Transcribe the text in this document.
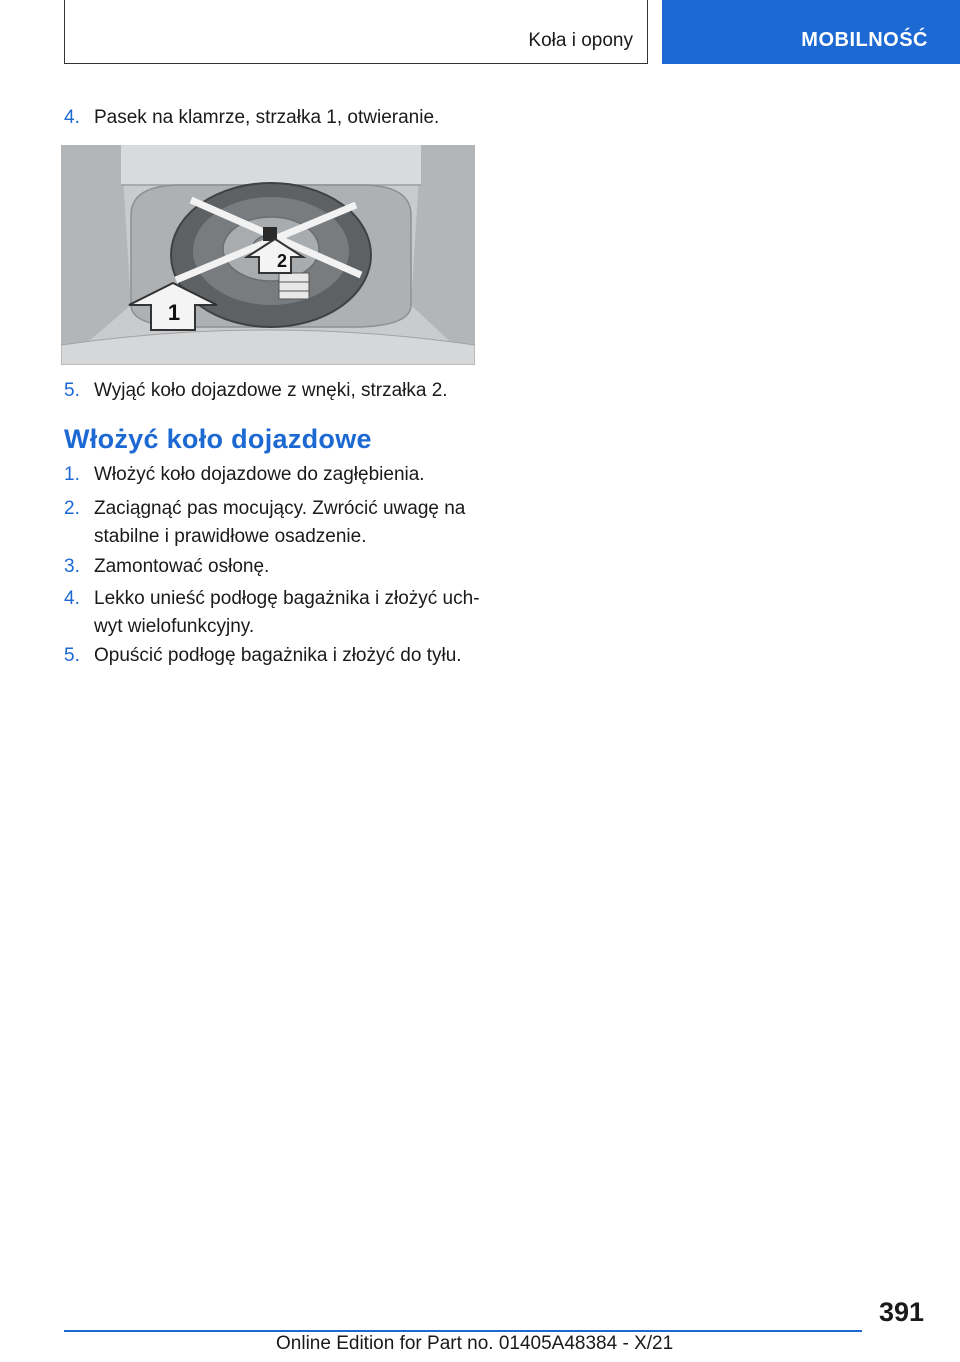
Koła i opony	MOBILNOŚĆ
4. Pasek na klamrze, strzałka 1, otwieranie.
1
2
5. Wyjąć koło dojazdowe z wnęki, strzałka 2.
Włożyć koło dojazdowe
1. Włożyć koło dojazdowe do zagłębienia.
2. Zaciągnąć pas mocujący. Zwrócić uwagę na stabilne i prawidłowe osadzenie.
3. Zamontować osłonę.
4. Lekko unieść podłogę bagażnika i złożyć uchwyt wielofunkcyjny.
5. Opuścić podłogę bagażnika i złożyć do tyłu.
391
Online Edition for Part no. 01405A48384 - X/21
